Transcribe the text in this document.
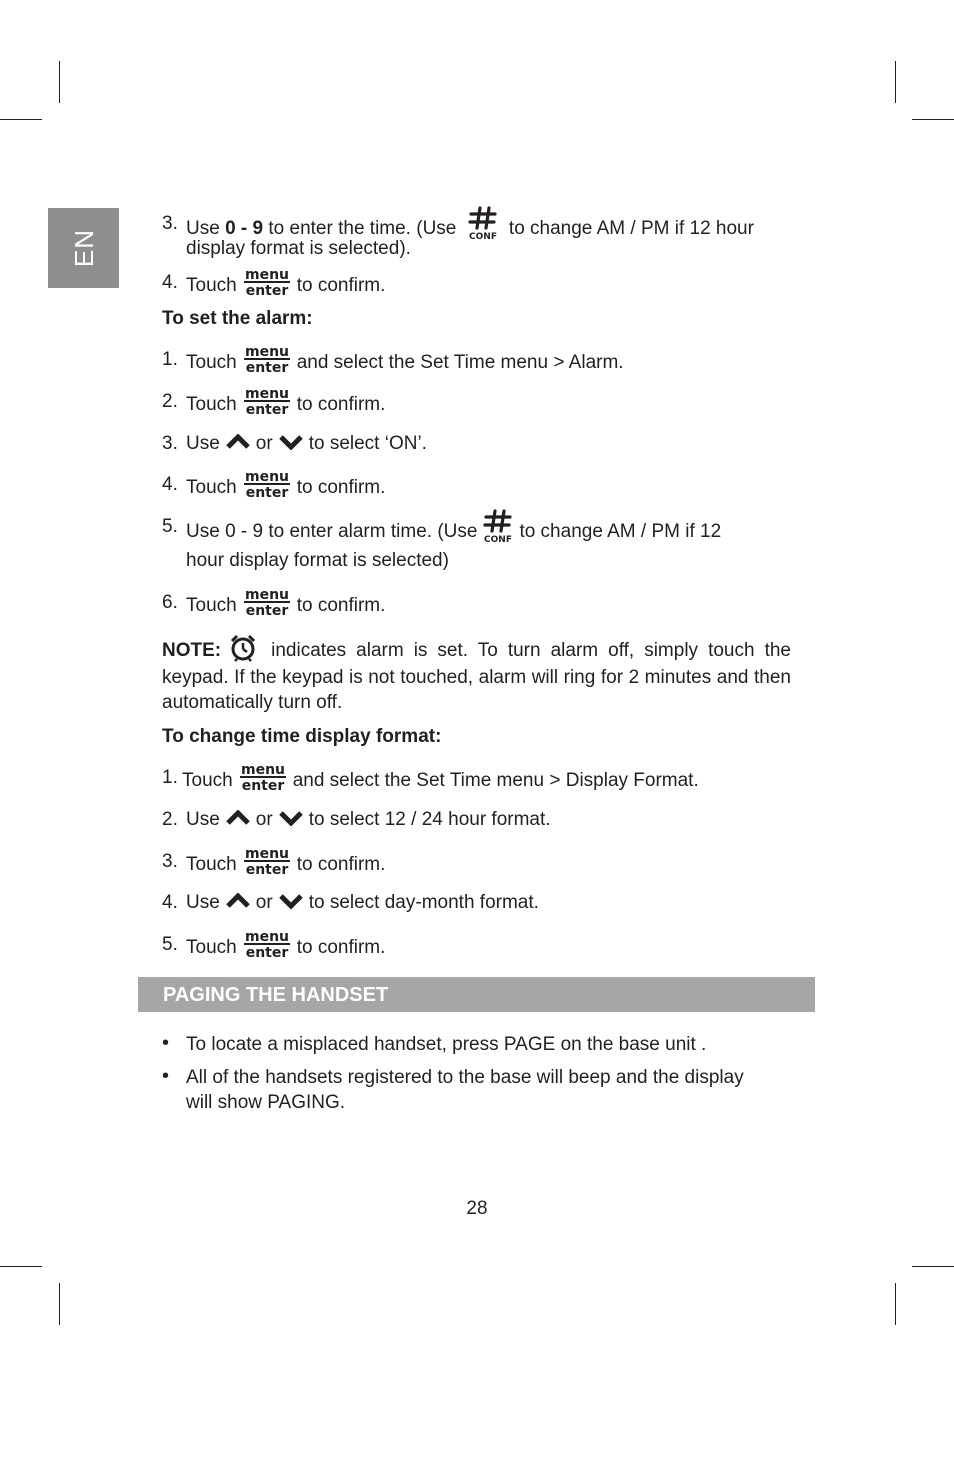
EN
3. Use 0 - 9 to enter the time. (Use  to change AM / PM if 12 hour
display format is selected).
4. Touch	to confirm.
To set the alarm:
1. Touch	and select the Set Time menu > Alarm.
2. Touch	to confirm.
3. Use or to select ‘ON’.
4. Touch	to confirm.
5. Use 0 - 9 to enter alarm time. (Use to change AM / PM if 12
hour display format is selected)
6. Touch	to confirm.
NOTE:	indicates alarm is set. To turn alarm off, simply touch the keypad. If the keypad is not touched, alarm will ring for 2 minutes and then automatically turn off.
To change time display format:
1. Touch	and select the Set Time menu > Display Format.
2. Use or to select 12 / 24 hour format.
3. Touch	to confirm.
4. Use or to select day-month format.
5. Touch	to confirm.
PAGING THE HANDSET
• To locate a misplaced handset, press PAGE on the base unit .
• All of the handsets registered to the base will beep and the display
will show PAGING.
28
